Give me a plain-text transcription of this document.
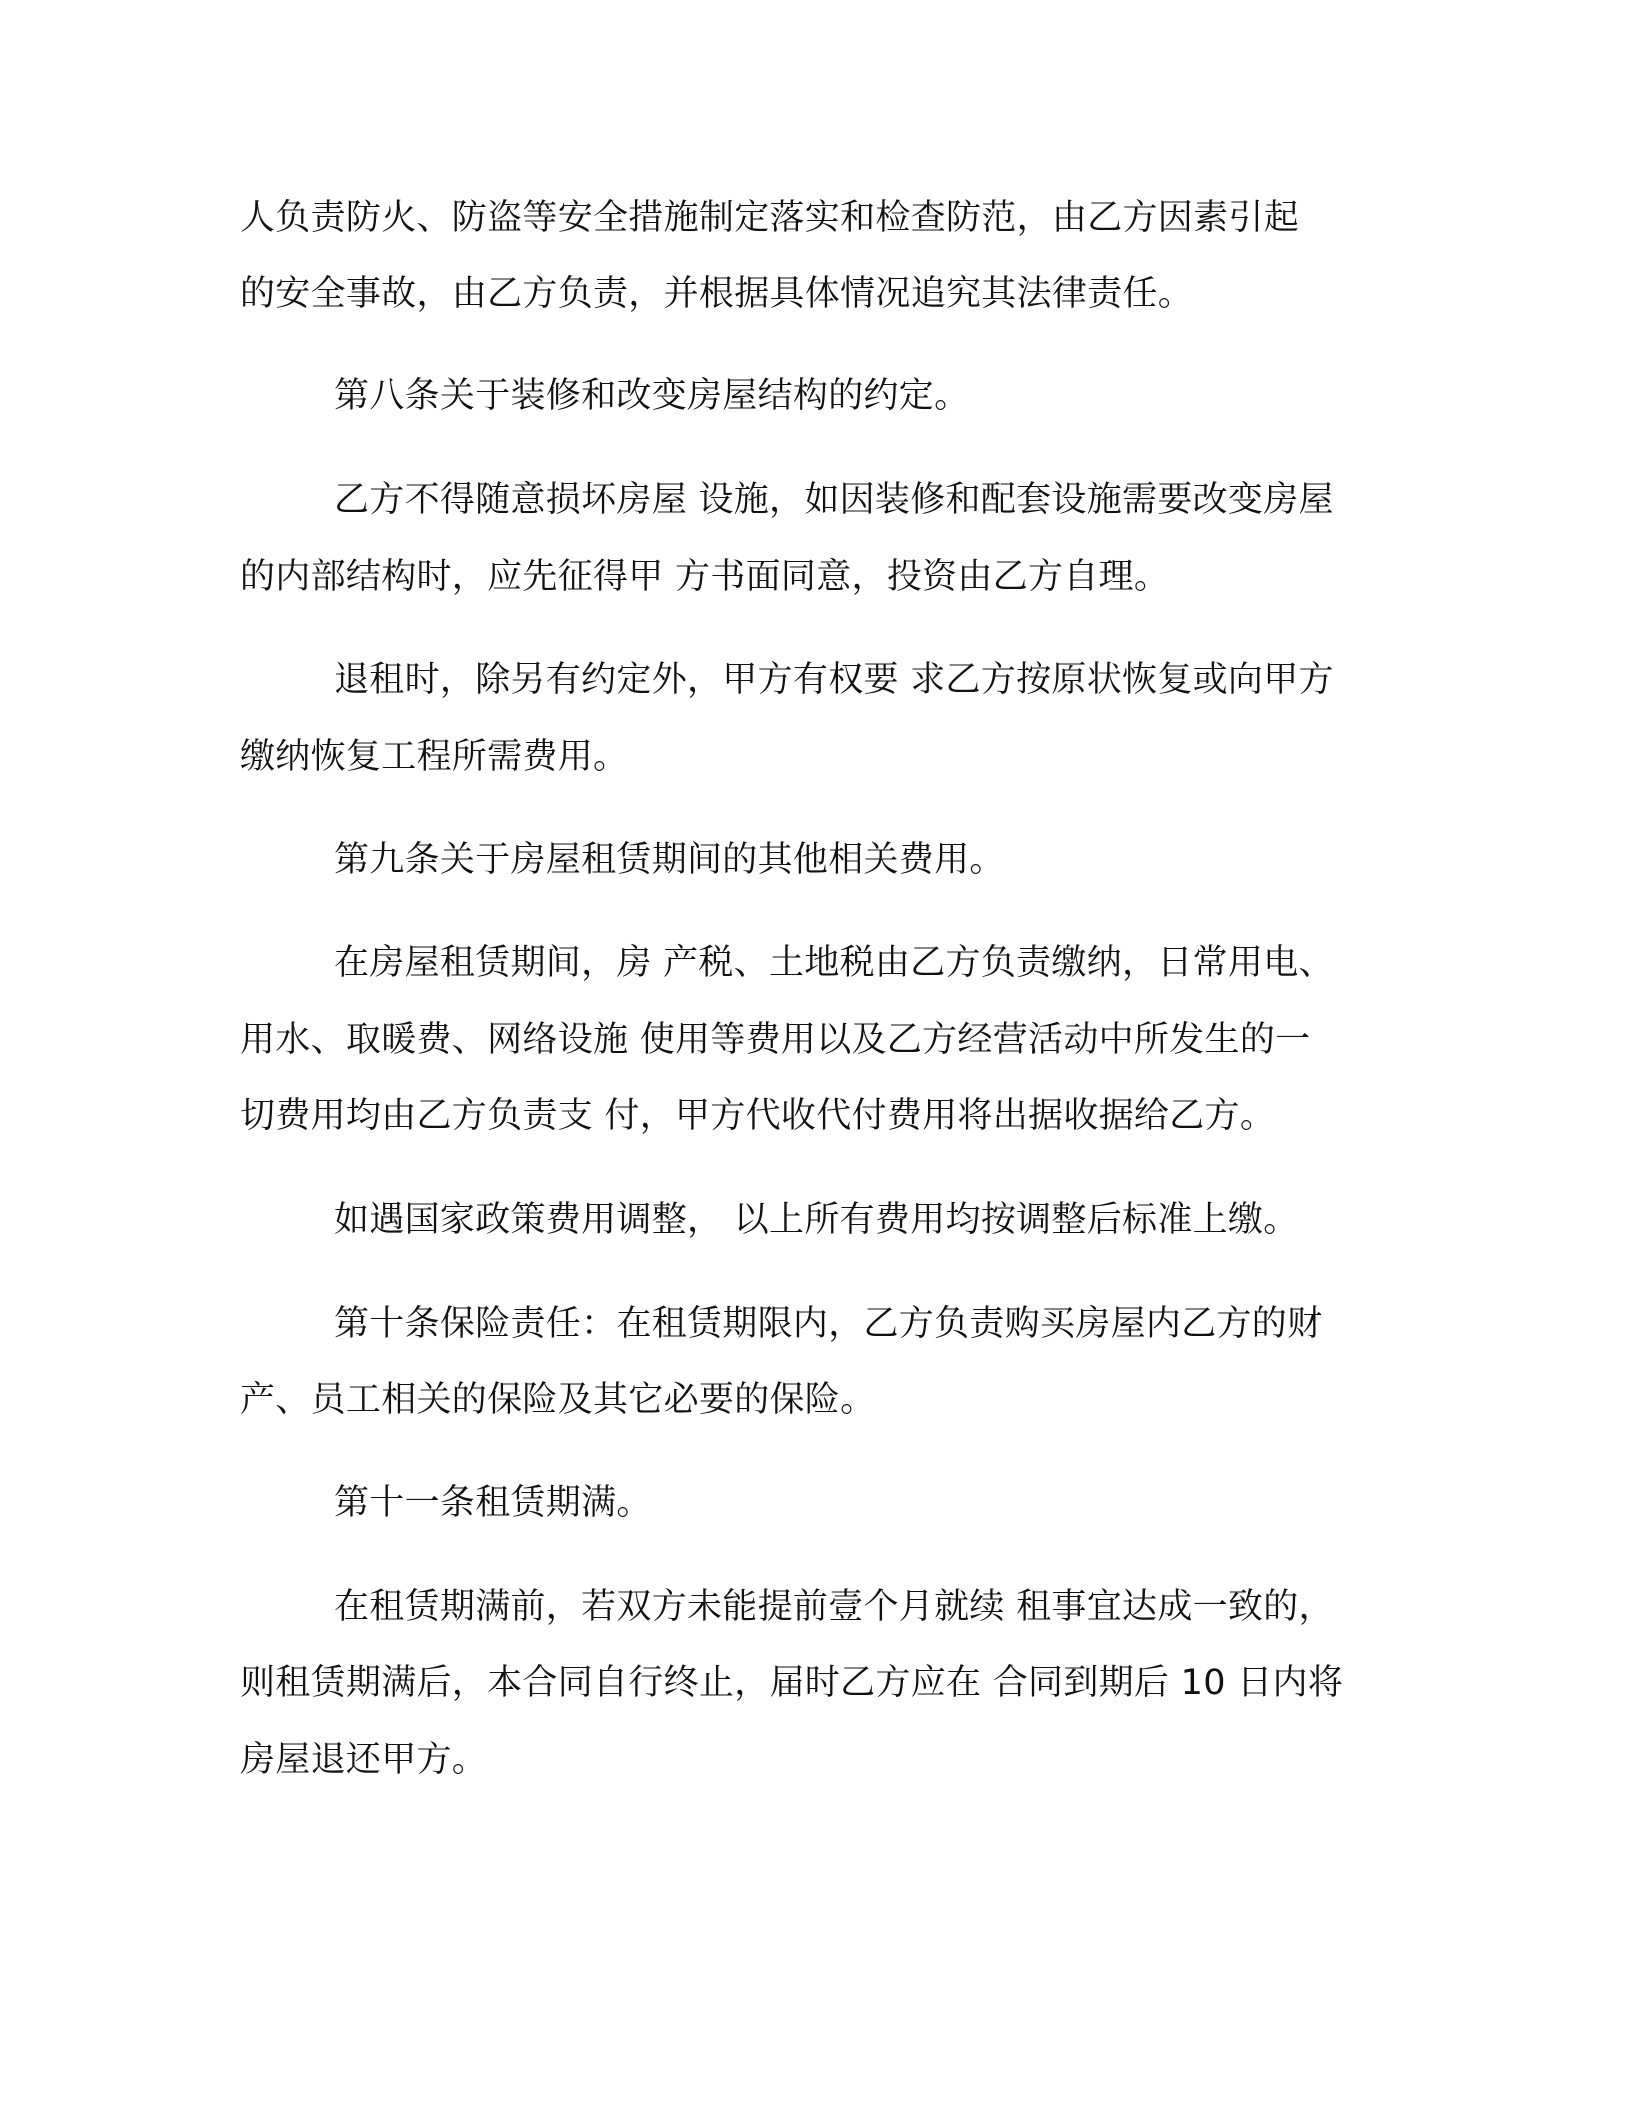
人负责防火、防盗等安全措施制定落实和检查防范，由乙方因素引起

的安全事故，由乙方负责，并根据具体情况追究其法律责任。

第八条关于装修和改变房屋结构的约定。

乙方不得随意损坏房屋 设施，如因装修和配套设施需要改变房屋

的内部结构时，应先征得甲 方书面同意，投资由乙方自理。

退租时，除另有约定外，甲方有权要 求乙方按原状恢复或向甲方

缴纳恢复工程所需费用。

第九条关于房屋租赁期间的其他相关费用。

在房屋租赁期间，房 产税、土地税由乙方负责缴纳，日常用电、

用水、取暖费、网络设施 使用等费用以及乙方经营活动中所发生的一

切费用均由乙方负责支 付，甲方代收代付费用将出据收据给乙方。

如遇国家政策费用调整， 以上所有费用均按调整后标准上缴。

第十条保险责任：在租赁期限内，乙方负责购买房屋内乙方的财

产、员工相关的保险及其它必要的保险。

第十一条租赁期满。

在租赁期满前，若双方未能提前壹个月就续 租事宜达成一致的，

则租赁期满后，本合同自行终止，届时乙方应在 合同到期后 10 日内将

房屋退还甲方。
